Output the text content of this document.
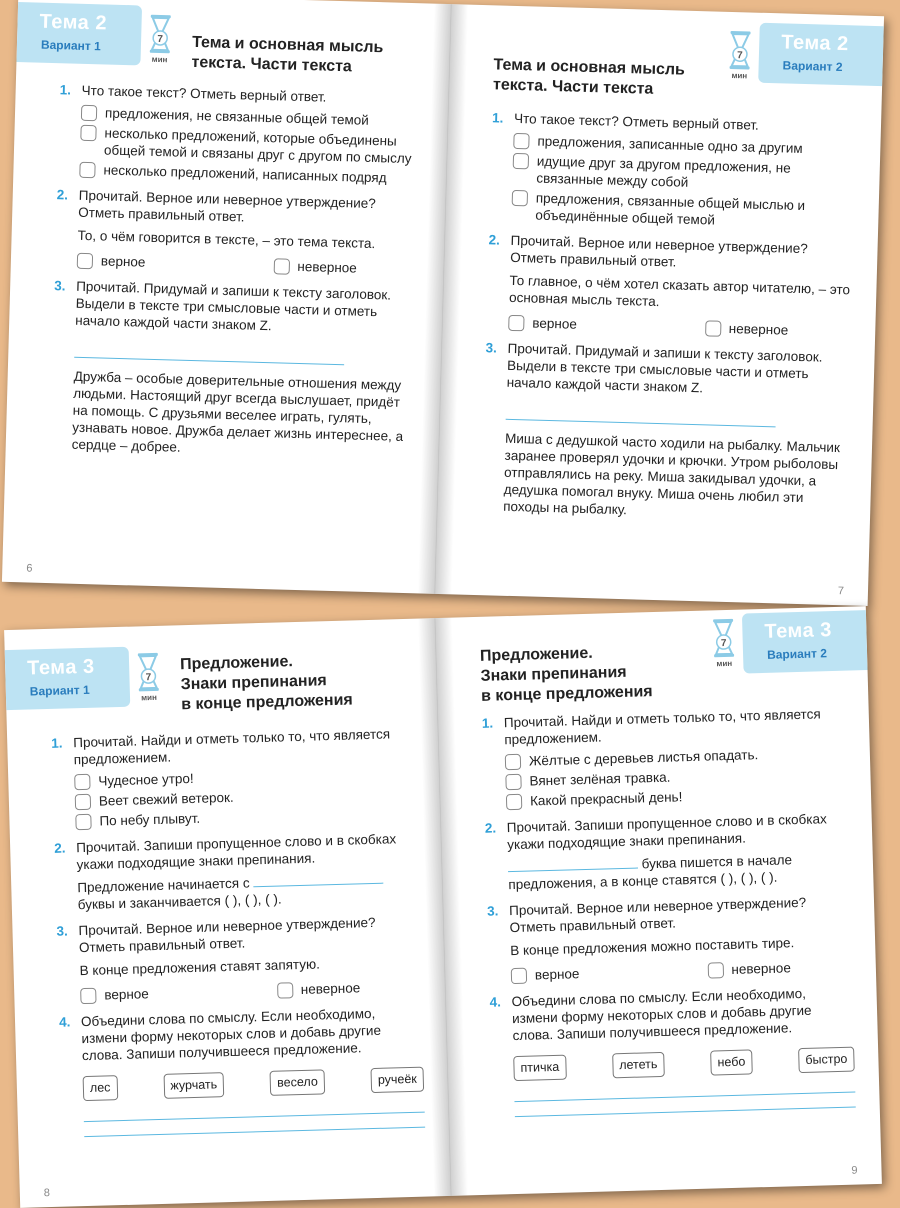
Тема 2
Вариант 1	7
мин
Тема и основная мысль
текста. Части текста
1. Что такое текст? Отметь верный ответ.

предложения, не связанные общей темой
несколько предложений, которые объединены общей темой и связаны друг с другом по смыслу
несколько предложений, написанных подряд
2. Прочитай. Верное или неверное утверждение? Отметь правильный ответ.

То, о чём говорится в тексте, – это тема текста.

верное	неверное
3. Прочитай. Придумай и запиши к тексту заголовок. Выдели в тексте три смысловые части и отметь начало каждой части знаком Z.

Дружба – особые доверительные отношения между людьми. Настоящий друг всегда выслушает, придёт на помощь. С друзьями веселее играть, гулять, узнавать новое. Дружба делает жизнь интереснее, а сердце – добрее.

6
Тема 2
Вариант 2
7
мин
Тема и основная мысль
текста. Части текста
1. Что такое текст? Отметь верный ответ.

предложения, записанные одно за другим
идущие друг за другом предложения, не связанные между собой
предложения, связанные общей мыслью и объединённые общей темой
2. Прочитай. Верное или неверное утверждение? Отметь правильный ответ.

То главное, о чём хотел сказать автор читателю, – это основная мысль текста.

верное	неверное
3. Прочитай. Придумай и запиши к тексту заголовок. Выдели в тексте три смысловые части и отметь начало каждой части знаком Z.

Миша с дедушкой часто ходили на рыбалку. Мальчик заранее проверял удочки и крючки. Утром рыболовы отправлялись на реку. Миша закидывал удочки, а дедушка помогал внуку. Миша очень любил эти походы на рыбалку.

7
Тема 3
Вариант 1
7
мин
Предложение.
Знаки препинания
в конце предложения
1. Прочитай. Найди и отметь только то, что является предложением.

Чудесное утро!
Веет свежий ветерок.
По небу плывут.
2. Прочитай. Запиши пропущенное слово и в скобках укажи подходящие знаки препинания.

Предложение начинается с  буквы и заканчивается ( ), ( ), ( ).

3. Прочитай. Верное или неверное утверждение? Отметь правильный ответ.

В конце предложения ставят запятую.

верное	неверное
4. Объедини слова по смыслу. Если необходимо, измени форму некоторых слов и добавь другие слова. Запиши получившееся предложение.

лес	журчать	весело	ручеёк
8
Тема 3
Вариант 2
7
мин
Предложение.
Знаки препинания
в конце предложения
1. Прочитай. Найди и отметь только то, что является предложением.

Жёлтые с деревьев листья опадать.
Вянет зелёная травка.
Какой прекрасный день!
2. Прочитай. Запиши пропущенное слово и в скобках укажи подходящие знаки препинания.

буква пишется в начале предложения, а в конце ставятся ( ), ( ), ( ).

3. Прочитай. Верное или неверное утверждение? Отметь правильный ответ.

В конце предложения можно поставить тире.

верное	неверное
4. Объедини слова по смыслу. Если необходимо, измени форму некоторых слов и добавь другие слова. Запиши получившееся предложение.

птичка	лететь	небо	быстро
9
